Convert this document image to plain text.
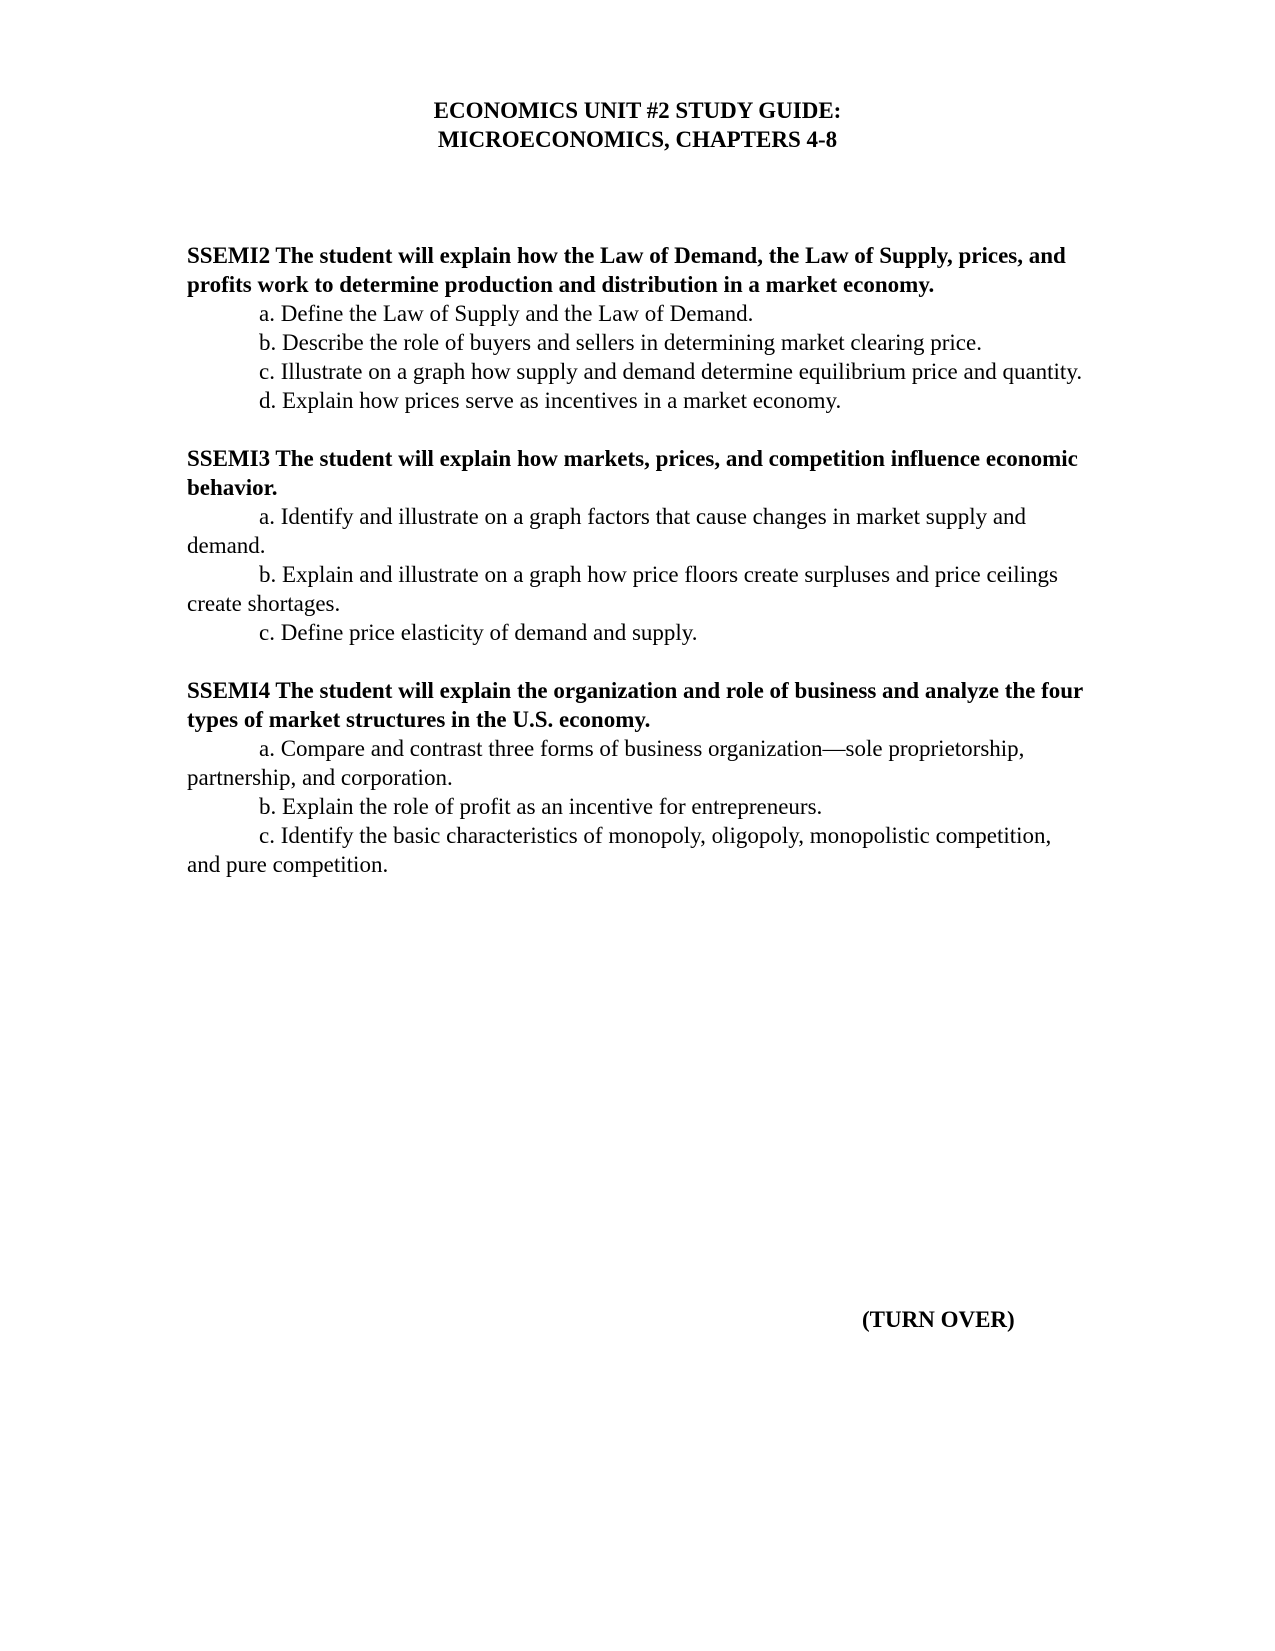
ECONOMICS UNIT #2 STUDY GUIDE:
MICROECONOMICS, CHAPTERS 4-8

SSEMI2 The student will explain how the Law of Demand, the Law of Supply, prices, and profits work to determine production and distribution in a market economy.

a. Define the Law of Supply and the Law of Demand.

b. Describe the role of buyers and sellers in determining market clearing price.

c. Illustrate on a graph how supply and demand determine equilibrium price and quantity.

d. Explain how prices serve as incentives in a market economy.

SSEMI3 The student will explain how markets, prices, and competition influence economic behavior.

a. Identify and illustrate on a graph factors that cause changes in market supply and demand.

b. Explain and illustrate on a graph how price floors create surpluses and price ceilings create shortages.

c. Define price elasticity of demand and supply.

SSEMI4 The student will explain the organization and role of business and analyze the four types of market structures in the U.S. economy.

a. Compare and contrast three forms of business organization—sole proprietorship, partnership, and corporation.

b. Explain the role of profit as an incentive for entrepreneurs.

c. Identify the basic characteristics of monopoly, oligopoly, monopolistic competition, and pure competition.

(TURN OVER)
